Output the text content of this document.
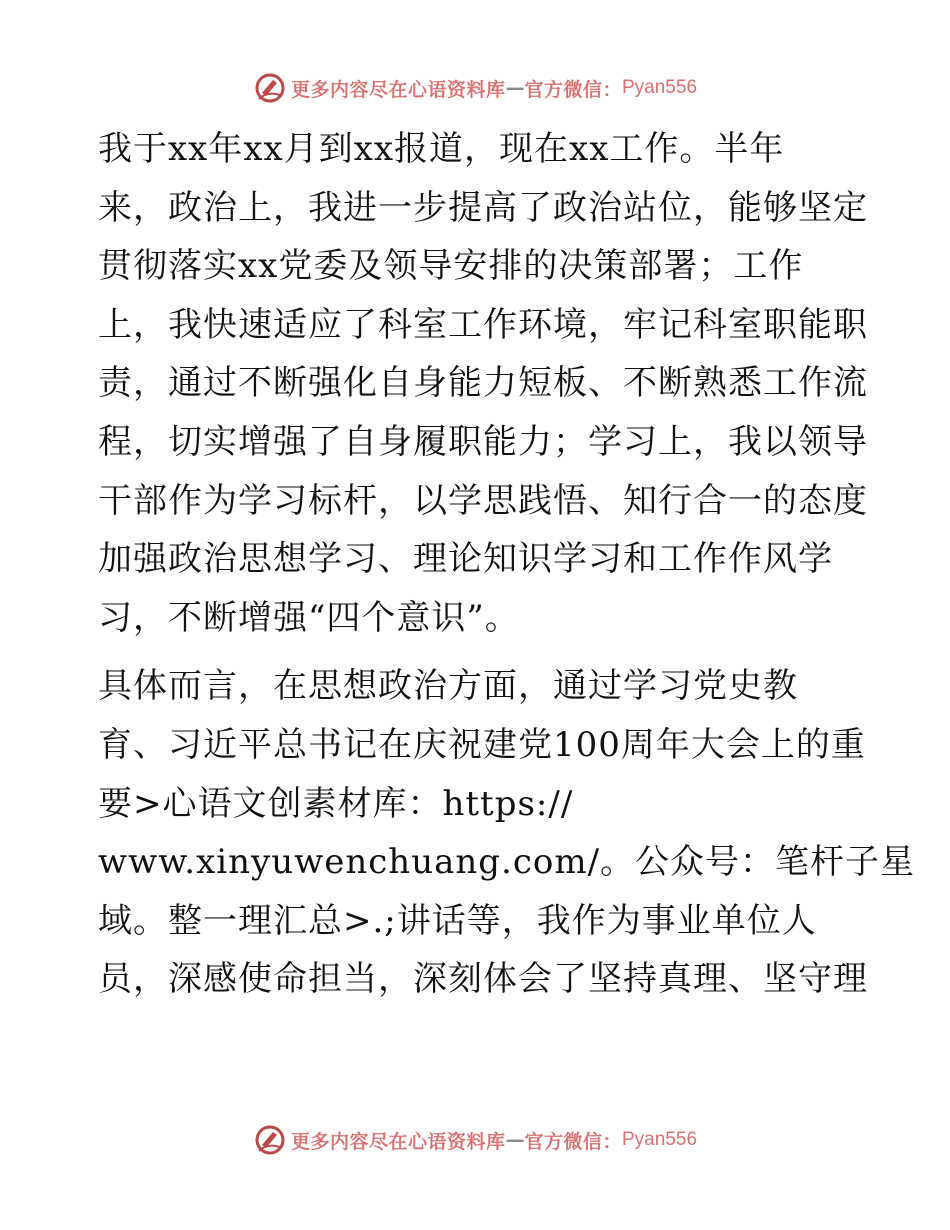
更多内容尽在心语资料库 — 官方微信： Pyan556

我于xx年xx月到xx报道，现在xx工作。半年
来，政治上，我进一步提高了政治站位，能够坚定
贯彻落实xx党委及领导安排的决策部署；工作
上，我快速适应了科室工作环境，牢记科室职能职
责，通过不断强化自身能力短板、不断熟悉工作流
程，切实增强了自身履职能力；学习上，我以领导
干部作为学习标杆，以学思践悟、知行合一的态度
加强政治思想学习、理论知识学习和工作作风学
习，不断增强“四个意识”。

具体而言，在思想政治方面，通过学习党史教
育、习近平总书记在庆祝建党100周年大会上的重
要>心语文创素材库：https://
www.xinyuwenchuang.com/。公众号：笔杆子星
域。整一理汇总>.;讲话等，我作为事业单位人
员，深感使命担当，深刻体会了坚持真理、坚守理

更多内容尽在心语资料库 — 官方微信： Pyan556
